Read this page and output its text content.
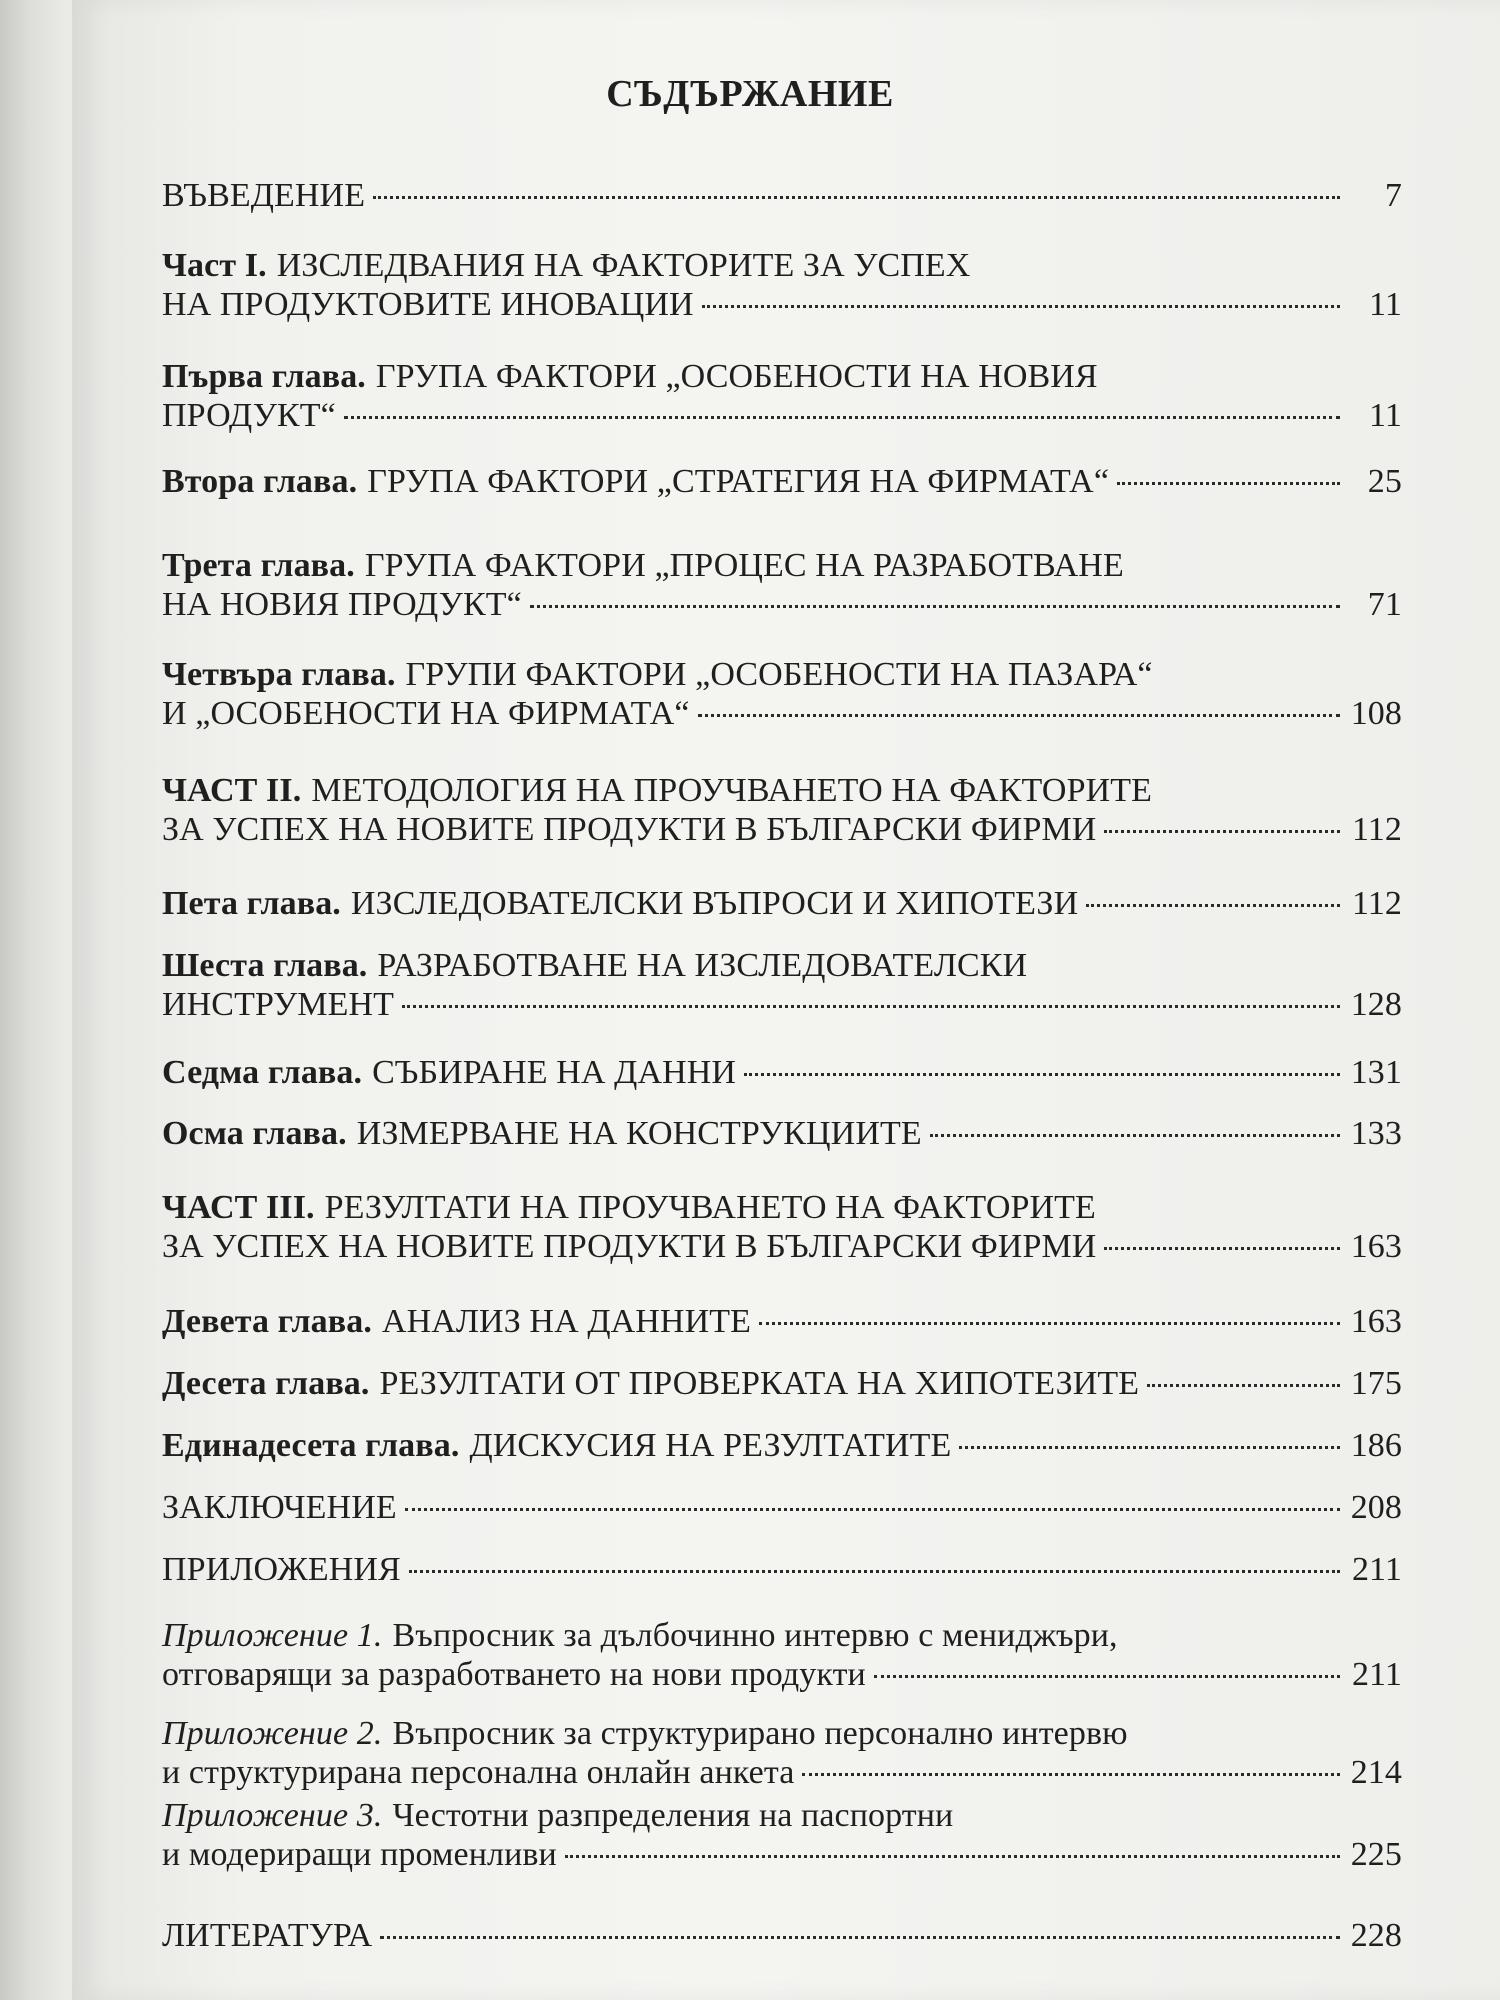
СЪДЪРЖАНИЕ
ВЪВЕДЕНИЕ	7
Част I. ИЗСЛЕДВАНИЯ НА ФАКТОРИТЕ ЗА УСПЕХ
НА ПРОДУКТОВИТЕ ИНОВАЦИИ	11
Първа глава. ГРУПА ФАКТОРИ „ОСОБЕНОСТИ НА НОВИЯ
ПРОДУКТ“	11
Втора глава. ГРУПА ФАКТОРИ „СТРАТЕГИЯ НА ФИРМАТА“	25
Трета глава. ГРУПА ФАКТОРИ „ПРОЦЕС НА РАЗРАБОТВАНЕ
НА НОВИЯ ПРОДУКТ“	71
Четвъра глава. ГРУПИ ФАКТОРИ „ОСОБЕНОСТИ НА ПАЗАРА“
И „ОСОБЕНОСТИ НА ФИРМАТА“	108
ЧАСТ II. МЕТОДОЛОГИЯ НА ПРОУЧВАНЕТО НА ФАКТОРИТЕ
ЗА УСПЕХ НА НОВИТЕ ПРОДУКТИ В БЪЛГАРСКИ ФИРМИ	112
Пета глава. ИЗСЛЕДОВАТЕЛСКИ ВЪПРОСИ И ХИПОТЕЗИ	112
Шеста глава. РАЗРАБОТВАНЕ НА ИЗСЛЕДОВАТЕЛСКИ
ИНСТРУМЕНТ	128
Седма глава. СЪБИРАНЕ НА ДАННИ	131
Осма глава. ИЗМЕРВАНЕ НА КОНСТРУКЦИИТЕ	133
ЧАСТ III. РЕЗУЛТАТИ НА ПРОУЧВАНЕТО НА ФАКТОРИТЕ
ЗА УСПЕХ НА НОВИТЕ ПРОДУКТИ В БЪЛГАРСКИ ФИРМИ	163
Девета глава. АНАЛИЗ НА ДАННИТЕ	163
Десета глава. РЕЗУЛТАТИ ОТ ПРОВЕРКАТА НА ХИПОТЕЗИТЕ	175
Единадесета глава. ДИСКУСИЯ НА РЕЗУЛТАТИТЕ	186
ЗАКЛЮЧЕНИЕ	208
ПРИЛОЖЕНИЯ	211
Приложение 1. Въпросник за дълбочинно интервю с мениджъри,
отговарящи за разработването на нови продукти	211
Приложение 2. Въпросник за структурирано персонално интервю
и структурирана персонална онлайн анкета	214
Приложение 3. Честотни разпределения на паспортни
и модериращи променливи	225
ЛИТЕРАТУРА	228
